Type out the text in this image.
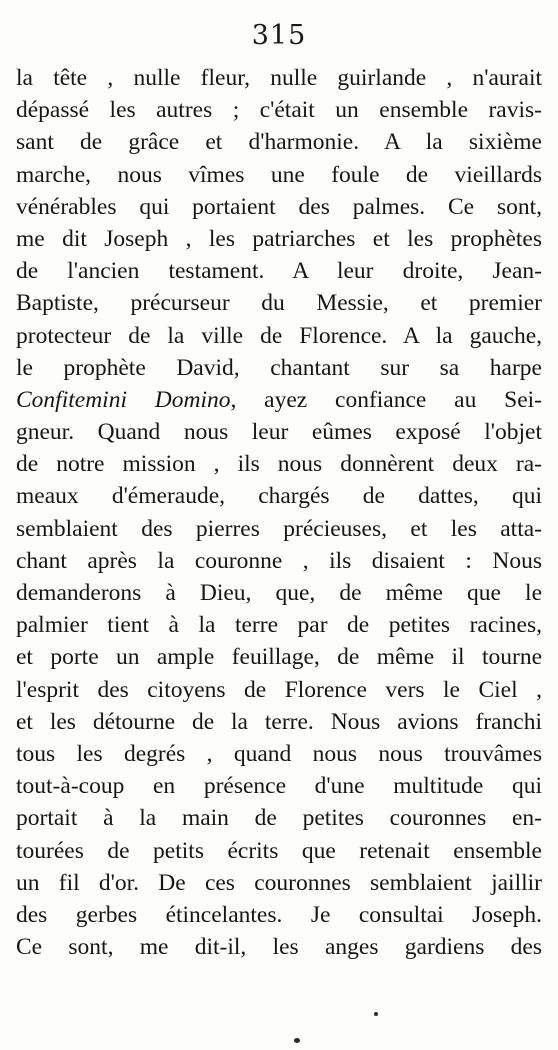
315
la tête , nulle fleur, nulle guirlande , n'aurait
dépassé les autres ; c'était un ensemble ravis-
sant de grâce et d'harmonie. A la sixième
marche, nous vîmes une foule de vieillards
vénérables qui portaient des palmes. Ce sont,
me dit Joseph , les patriarches et les prophètes
de l'ancien testament. A leur droite, Jean-
Baptiste, précurseur du Messie, et premier
protecteur de la ville de Florence. A la gauche,
le prophète David, chantant sur sa harpe
Confitemini Domino, ayez confiance au Sei-
gneur. Quand nous leur eûmes exposé l'objet
de notre mission , ils nous donnèrent deux ra-
meaux d'émeraude, chargés de dattes, qui
semblaient des pierres précieuses, et les atta-
chant après la couronne , ils disaient : Nous
demanderons à Dieu, que, de même que le
palmier tient à la terre par de petites racines,
et porte un ample feuillage, de même il tourne
l'esprit des citoyens de Florence vers le Ciel ,
et les détourne de la terre. Nous avions franchi
tous les degrés , quand nous nous trouvâmes
tout-à-coup en présence d'une multitude qui
portait à la main de petites couronnes en-
tourées de petits écrits que retenait ensemble
un fil d'or. De ces couronnes semblaient jaillir
des gerbes étincelantes. Je consultai Joseph.
Ce sont, me dit-il, les anges gardiens des
